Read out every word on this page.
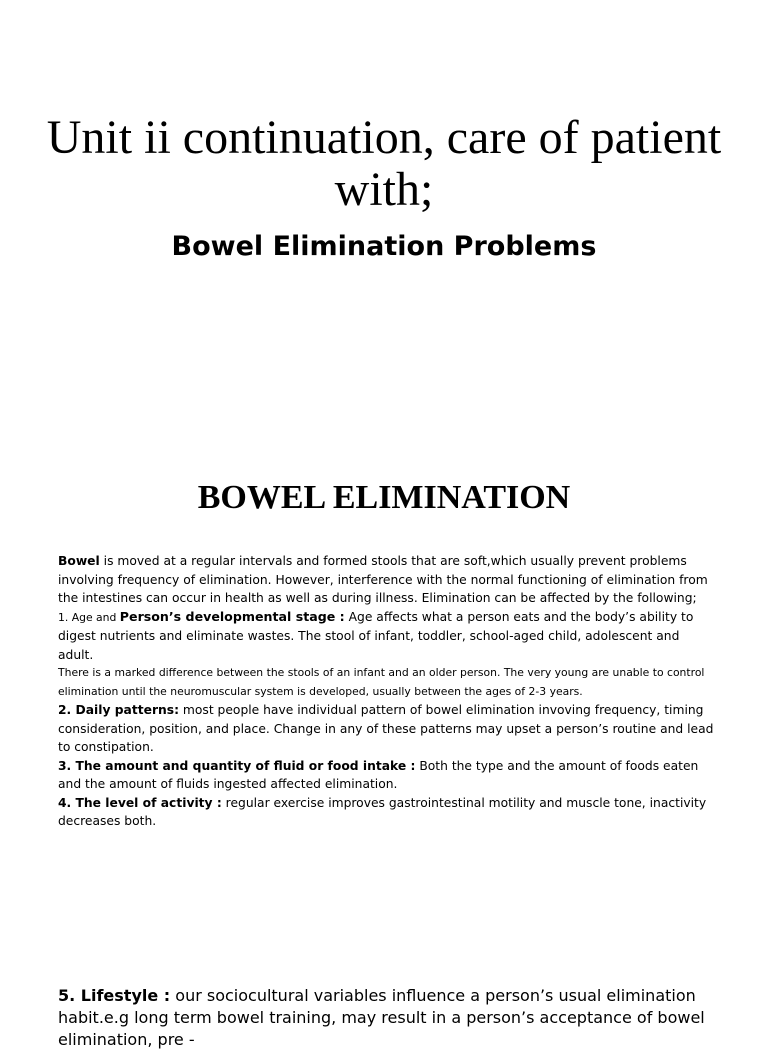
Unit ii continuation, care of patient with;
Bowel Elimination Problems
BOWEL ELIMINATION

Bowel is moved at a regular intervals and formed stools that are soft,which usually prevent problems involving frequency of elimination. However, interference with the normal functioning of elimination from the intestines can occur in health as well as during illness. Elimination can be affected by the following;

1. Age and Person’s developmental stage : Age affects what a person eats and the body’s ability to digest nutrients and eliminate wastes. The stool of infant, toddler, school-aged child, adolescent and adult.

There is a marked difference between the stools of an infant and an older person. The very young are unable to control elimination until the neuromuscular system is developed, usually between the ages of 2-3 years.

2. Daily patterns: most people have individual pattern of bowel elimination invoving frequency, timing consideration, position, and place. Change in any of these patterns may upset a person’s routine and lead to constipation.

3. The amount and quantity of fluid or food intake : Both the type and the amount of foods eaten and the amount of fluids ingested affected elimination.

4. The level of activity : regular exercise improves gastrointestinal motility and muscle tone, inactivity decreases both.

5. Lifestyle : our sociocultural variables influence a person’s usual elimination habit.e.g long term bowel training, may result in a person’s acceptance of bowel elimination, pre -
